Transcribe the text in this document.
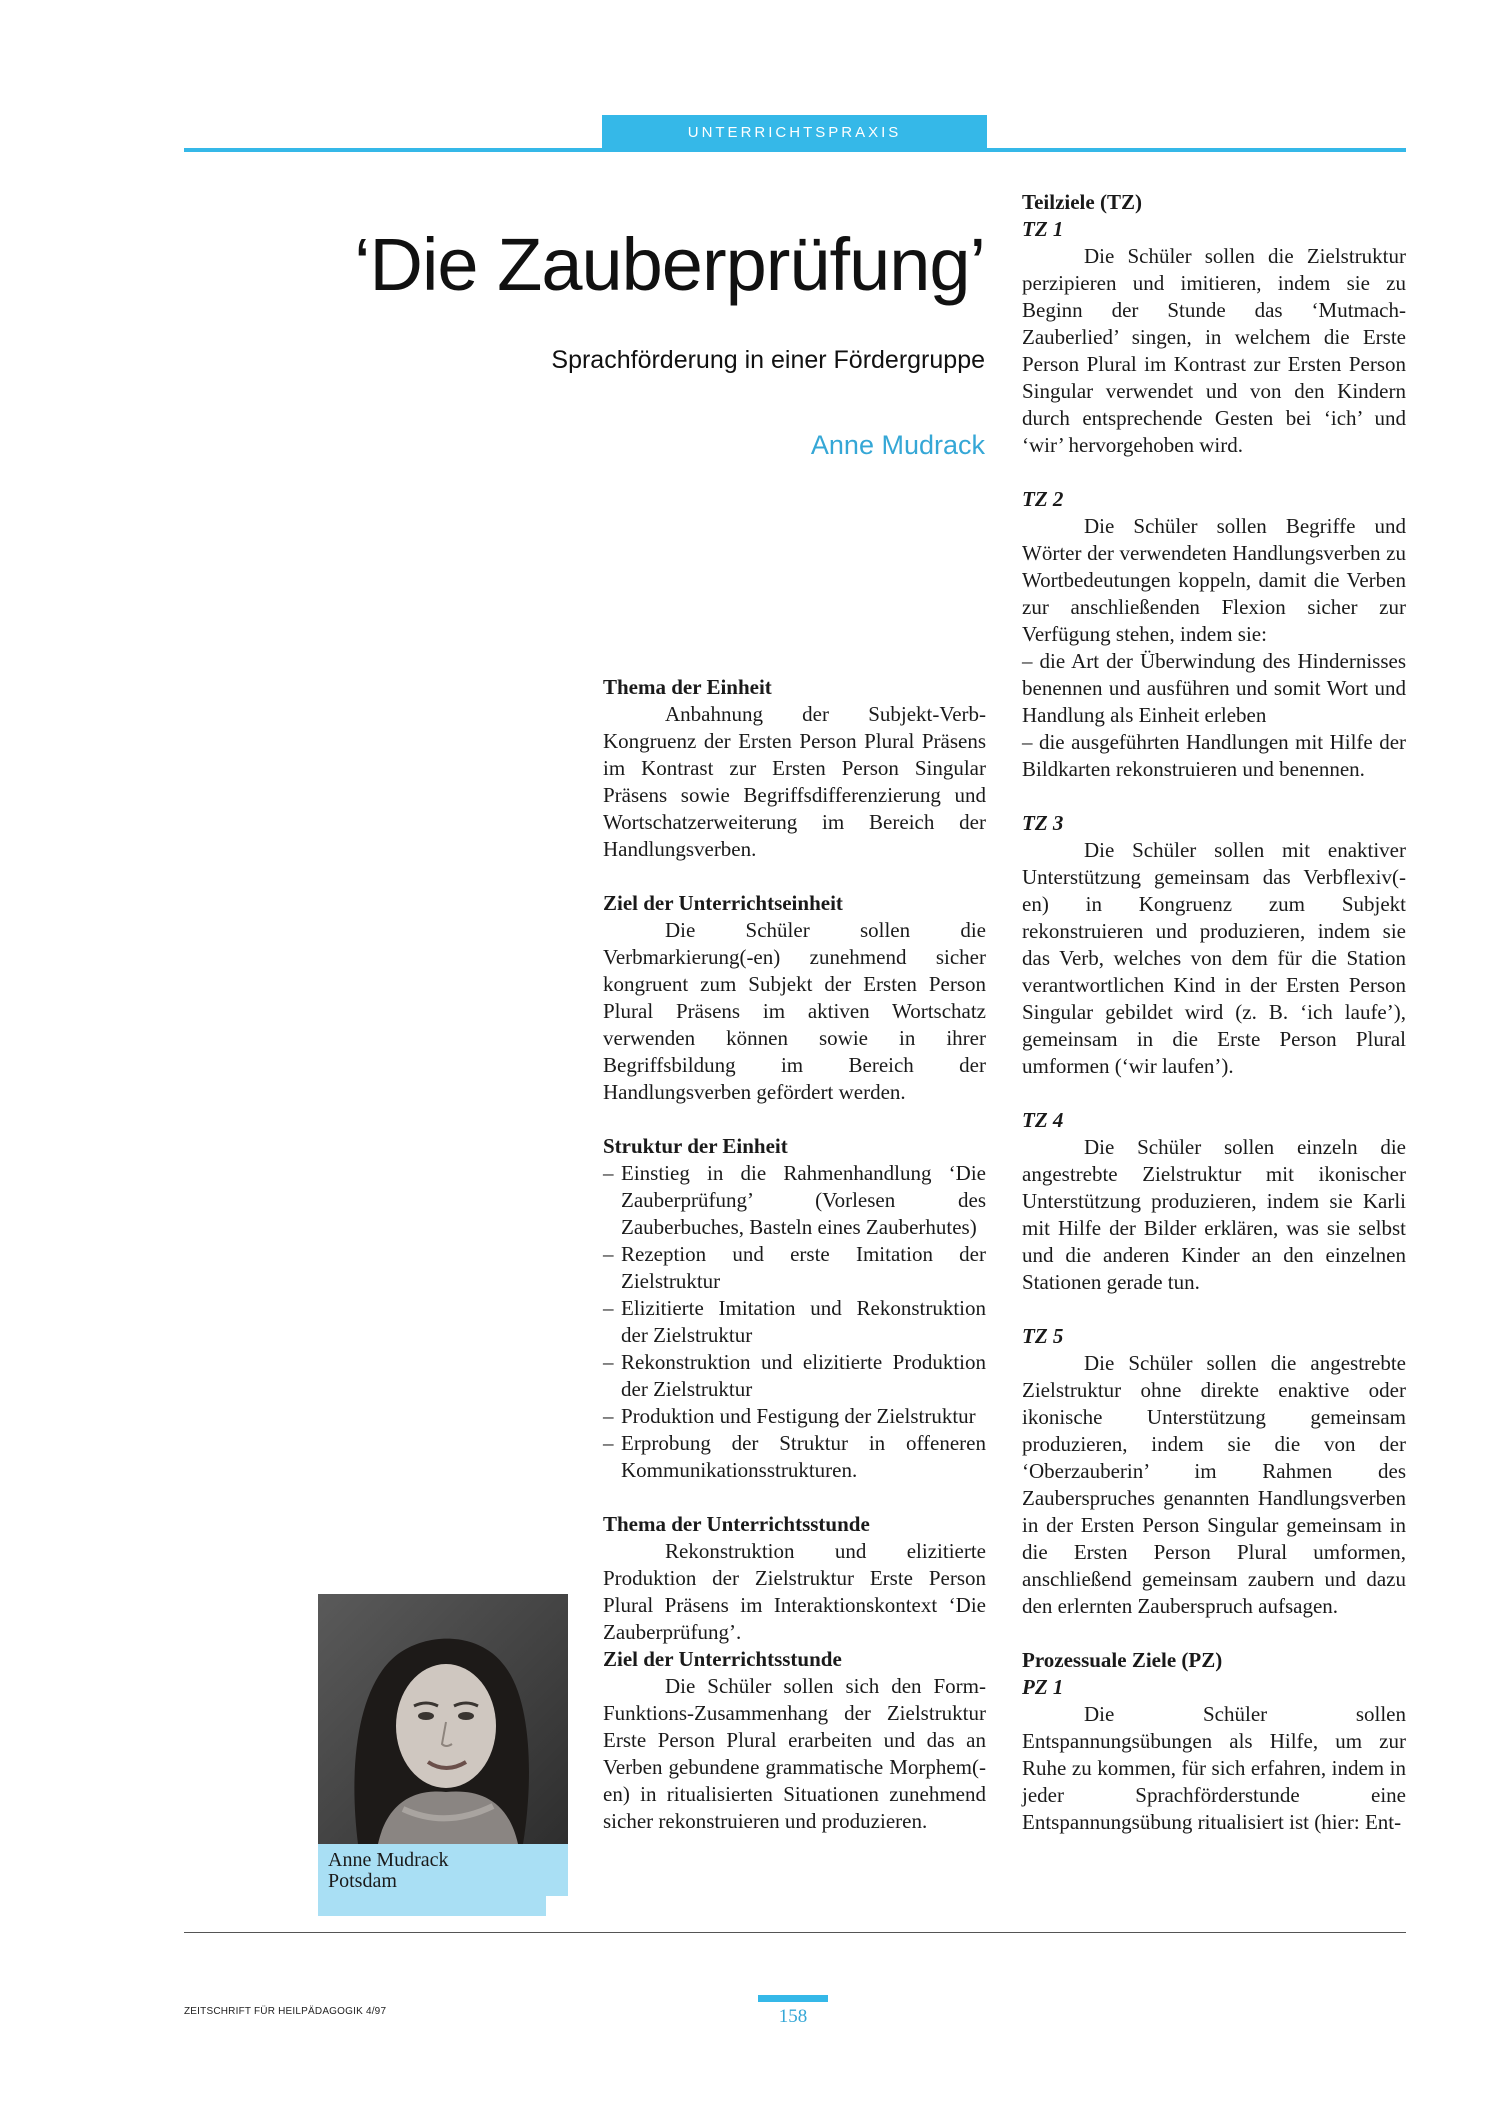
UNTERRICHTSPRAXIS
‘Die Zauberprüfung’
Sprachförderung in einer Fördergruppe
Anne Mudrack

Thema der Einheit

Anbahnung der Subjekt-Verb-Kongruenz der Ersten Person Plural Präsens im Kontrast zur Ersten Person Singular Präsens sowie Begriffsdifferenzierung und Wortschatzerweiterung im Bereich der Handlungsverben.

Ziel der Unterrichtseinheit

Die Schüler sollen die Verbmarkierung(-en) zunehmend sicher kongruent zum Subjekt der Ersten Person Plural Präsens im aktiven Wortschatz verwenden können sowie in ihrer Begriffsbildung im Bereich der Handlungsverben gefördert werden.

Struktur der Einheit

– Einstieg in die Rahmenhandlung ‘Die Zauberprüfung’ (Vorlesen des Zauberbuches, Basteln eines Zauberhutes)
– Rezeption und erste Imitation der Zielstruktur
– Elizitierte Imitation und Rekonstruktion der Zielstruktur
– Rekonstruktion und elizitierte Produktion der Zielstruktur
– Produktion und Festigung der Zielstruktur
– Erprobung der Struktur in offeneren Kommunikationsstrukturen.

Thema der Unterrichtsstunde

Rekonstruktion und elizitierte Produktion der Zielstruktur Erste Person Plural Präsens im Interaktionskontext ‘Die Zauberprüfung’.

Ziel der Unterrichtsstunde

Die Schüler sollen sich den Form-Funktions-Zusammenhang der Zielstruktur Erste Person Plural erarbeiten und das an Verben gebundene grammatische Morphem(-en) in ritualisierten Situationen zunehmend sicher rekonstruieren und produzieren.

Teilziele (TZ)

TZ 1

Die Schüler sollen die Zielstruktur perzipieren und imitieren, indem sie zu Beginn der Stunde das ‘Mutmach-Zauberlied’ singen, in welchem die Erste Person Plural im Kontrast zur Ersten Person Singular verwendet und von den Kindern durch entsprechende Gesten bei ‘ich’ und ‘wir’ hervorgehoben wird.

TZ 2

Die Schüler sollen Begriffe und Wörter der verwendeten Handlungsverben zu Wortbedeutungen koppeln, damit die Verben zur anschließenden Flexion sicher zur Verfügung stehen, indem sie:

– die Art der Überwindung des Hindernisses benennen und ausführen und somit Wort und Handlung als Einheit erleben

– die ausgeführten Handlungen mit Hilfe der Bildkarten rekonstruieren und benennen.

TZ 3

Die Schüler sollen mit enaktiver Unterstützung gemeinsam das Verbflexiv(-en) in Kongruenz zum Subjekt rekonstruieren und produzieren, indem sie das Verb, welches von dem für die Station verantwortlichen Kind in der Ersten Person Singular gebildet wird (z. B. ‘ich laufe’), gemeinsam in die Erste Person Plural umformen (‘wir laufen’).

TZ 4

Die Schüler sollen einzeln die angestrebte Zielstruktur mit ikonischer Unterstützung produzieren, indem sie Karli mit Hilfe der Bilder erklären, was sie selbst und die anderen Kinder an den einzelnen Stationen gerade tun.

TZ 5

Die Schüler sollen die angestrebte Zielstruktur ohne direkte enaktive oder ikonische Unterstützung gemeinsam produzieren, indem sie die von der ‘Oberzauberin’ im Rahmen des Zauberspruches genannten Handlungsverben in der Ersten Person Singular gemeinsam in die Ersten Person Plural umformen, anschließend gemeinsam zaubern und dazu den erlernten Zauberspruch aufsagen.

Prozessuale Ziele (PZ)

PZ 1

Die Schüler sollen Entspannungsübungen als Hilfe, um zur Ruhe zu kommen, für sich erfahren, indem in jeder Sprachförderstunde eine Entspannungsübung ritualisiert ist (hier: Ent-

Anne Mudrack
Potsdam
ZEITSCHRIFT FÜR HEILPÄDAGOGIK 4/97	158
